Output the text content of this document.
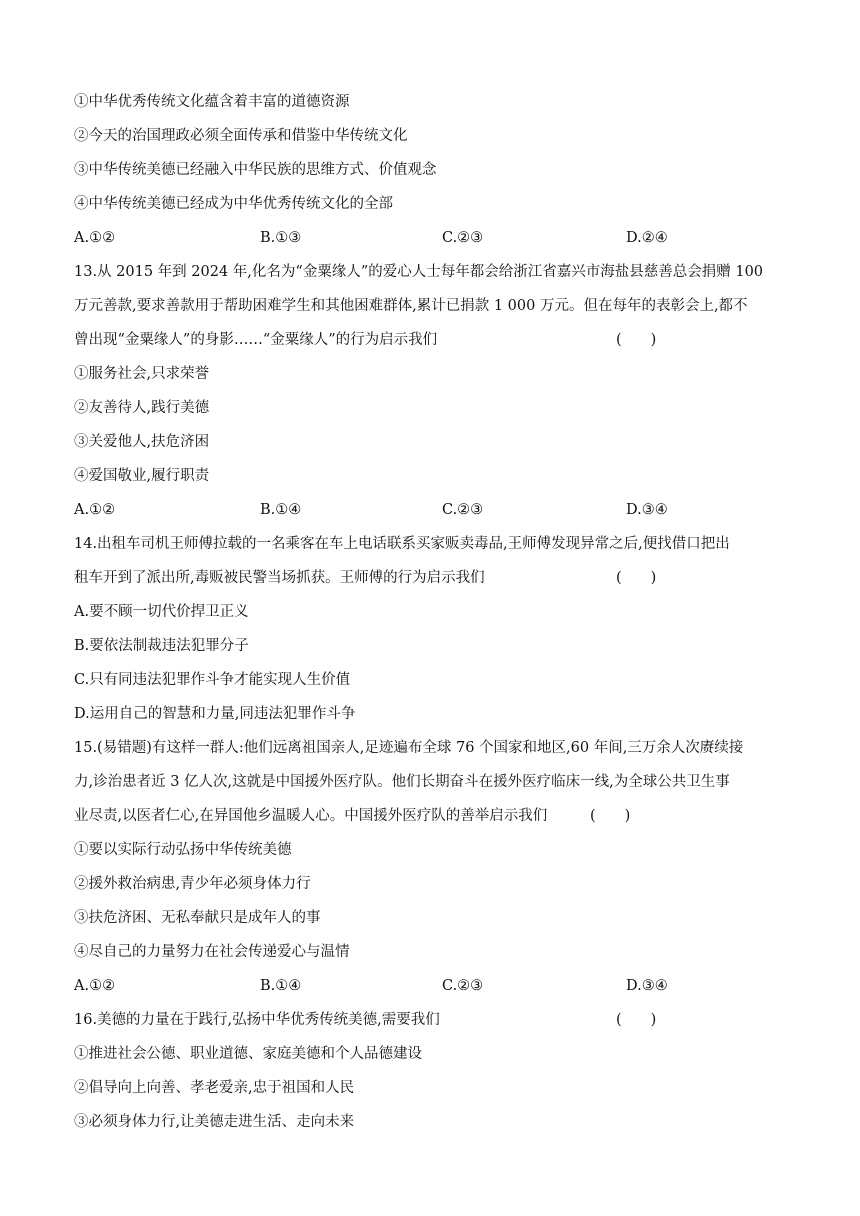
①中华优秀传统文化蕴含着丰富的道德资源
②今天的治国理政必须全面传承和借鉴中华传统文化
③中华传统美德已经融入中华民族的思维方式、价值观念
④中华传统美德已经成为中华优秀传统文化的全部
A.①②	B.①③	C.②③	D.②④
13.从 2015 年到 2024 年,化名为“金粟缘人”的爱心人士每年都会给浙江省嘉兴市海盐县慈善总会捐赠 100
万元善款,要求善款用于帮助困难学生和其他困难群体,累计已捐款 1 000 万元。但在每年的表彰会上,都不
曾出现“金粟缘人”的身影……“金粟缘人”的行为启示我们	(　　)
①服务社会,只求荣誉
②友善待人,践行美德
③关爱他人,扶危济困
④爱国敬业,履行职责
A.①②	B.①④	C.②③	D.③④
14.出租车司机王师傅拉载的一名乘客在车上电话联系买家贩卖毒品,王师傅发现异常之后,便找借口把出
租车开到了派出所,毒贩被民警当场抓获。王师傅的行为启示我们	(　　)
A.要不顾一切代价捍卫正义
B.要依法制裁违法犯罪分子
C.只有同违法犯罪作斗争才能实现人生价值
D.运用自己的智慧和力量,同违法犯罪作斗争
15.(易错题)有这样一群人:他们远离祖国亲人,足迹遍布全球 76 个国家和地区,60 年间,三万余人次赓续接
力,诊治患者近 3 亿人次,这就是中国援外医疗队。他们长期奋斗在援外医疗临床一线,为全球公共卫生事
业尽责,以医者仁心,在异国他乡温暖人心。中国援外医疗队的善举启示我们	(　　)
①要以实际行动弘扬中华传统美德
②援外救治病患,青少年必须身体力行
③扶危济困、无私奉献只是成年人的事
④尽自己的力量努力在社会传递爱心与温情
A.①②	B.①④	C.②③	D.③④
16.美德的力量在于践行,弘扬中华优秀传统美德,需要我们	(　　)
①推进社会公德、职业道德、家庭美德和个人品德建设
②倡导向上向善、孝老爱亲,忠于祖国和人民
③必须身体力行,让美德走进生活、走向未来
